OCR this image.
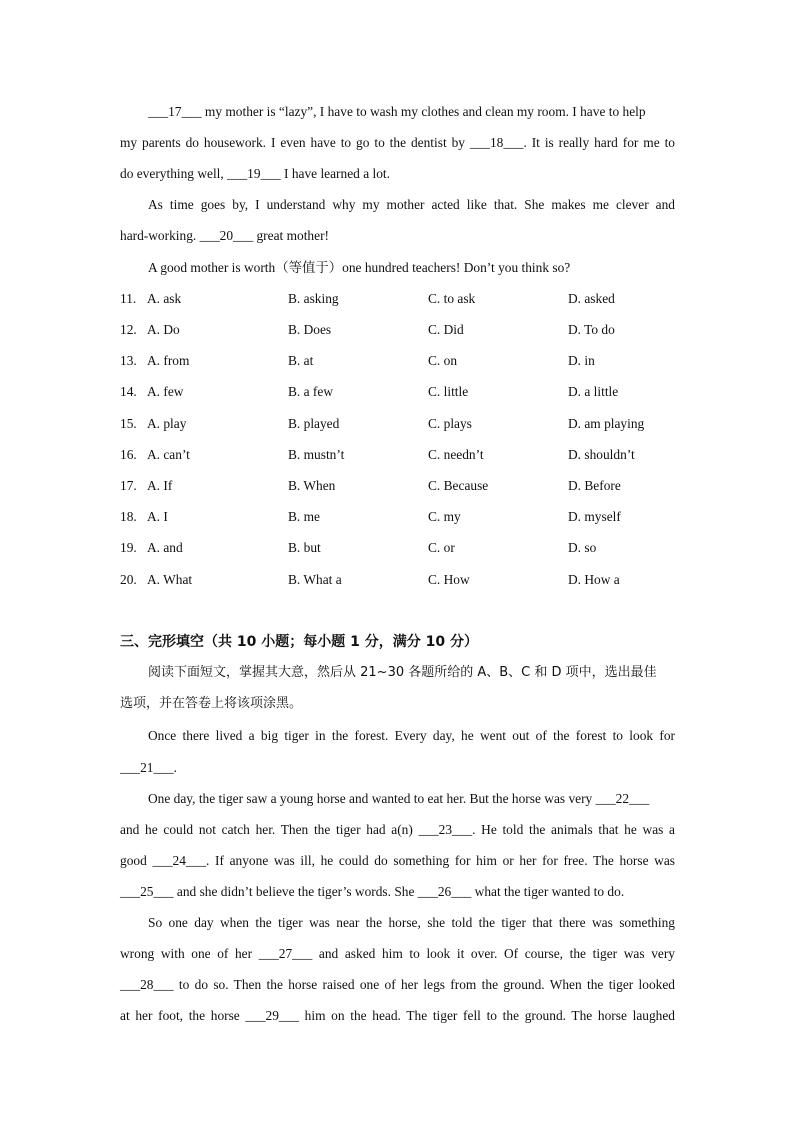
___17___ my mother is “lazy”, I have to wash my clothes and clean my room. I have to help
my parents do housework. I even have to go to the dentist by ___18___. It is really hard for me to
do everything well, ___19___ I have learned a lot.
As time goes by, I understand why my mother acted like that. She makes me clever and
hard-working. ___20___ great mother!
A good mother is worth（等值于）one hundred teachers! Don’t you think so?
11. A. ask	B. asking	C. to ask	D. asked
12. A. Do	B. Does	C. Did	D. To do
13. A. from	B. at	C. on	D. in
14. A. few	B. a few	C. little	D. a little
15. A. play	B. played	C. plays	D. am playing
16. A. can’t	B. mustn’t	C. needn’t	D. shouldn’t
17. A. If	B. When	C. Because	D. Before
18. A. I	B. me	C. my	D. myself
19. A. and	B. but	C. or	D. so
20. A. What	B. What a	C. How	D. How a
三、完形填空（共 10 小题；每小题 1 分，满分 10 分）
阅读下面短文，掌握其大意，然后从 21~30 各题所给的 A、B、C 和 D 项中，选出最佳
选项，并在答卷上将该项涂黑。
Once there lived a big tiger in the forest. Every day, he went out of the forest to look for
___21___.
One day, the tiger saw a young horse and wanted to eat her. But the horse was very ___22___
and he could not catch her. Then the tiger had a(n) ___23___. He told the animals that he was a
good ___24___. If anyone was ill, he could do something for him or her for free. The horse was
___25___ and she didn’t believe the tiger’s words. She ___26___ what the tiger wanted to do.
So one day when the tiger was near the horse, she told the tiger that there was something
wrong with one of her ___27___ and asked him to look it over. Of course, the tiger was very
___28___ to do so. Then the horse raised one of her legs from the ground. When the tiger looked
at her foot, the horse ___29___ him on the head. The tiger fell to the ground. The horse laughed
